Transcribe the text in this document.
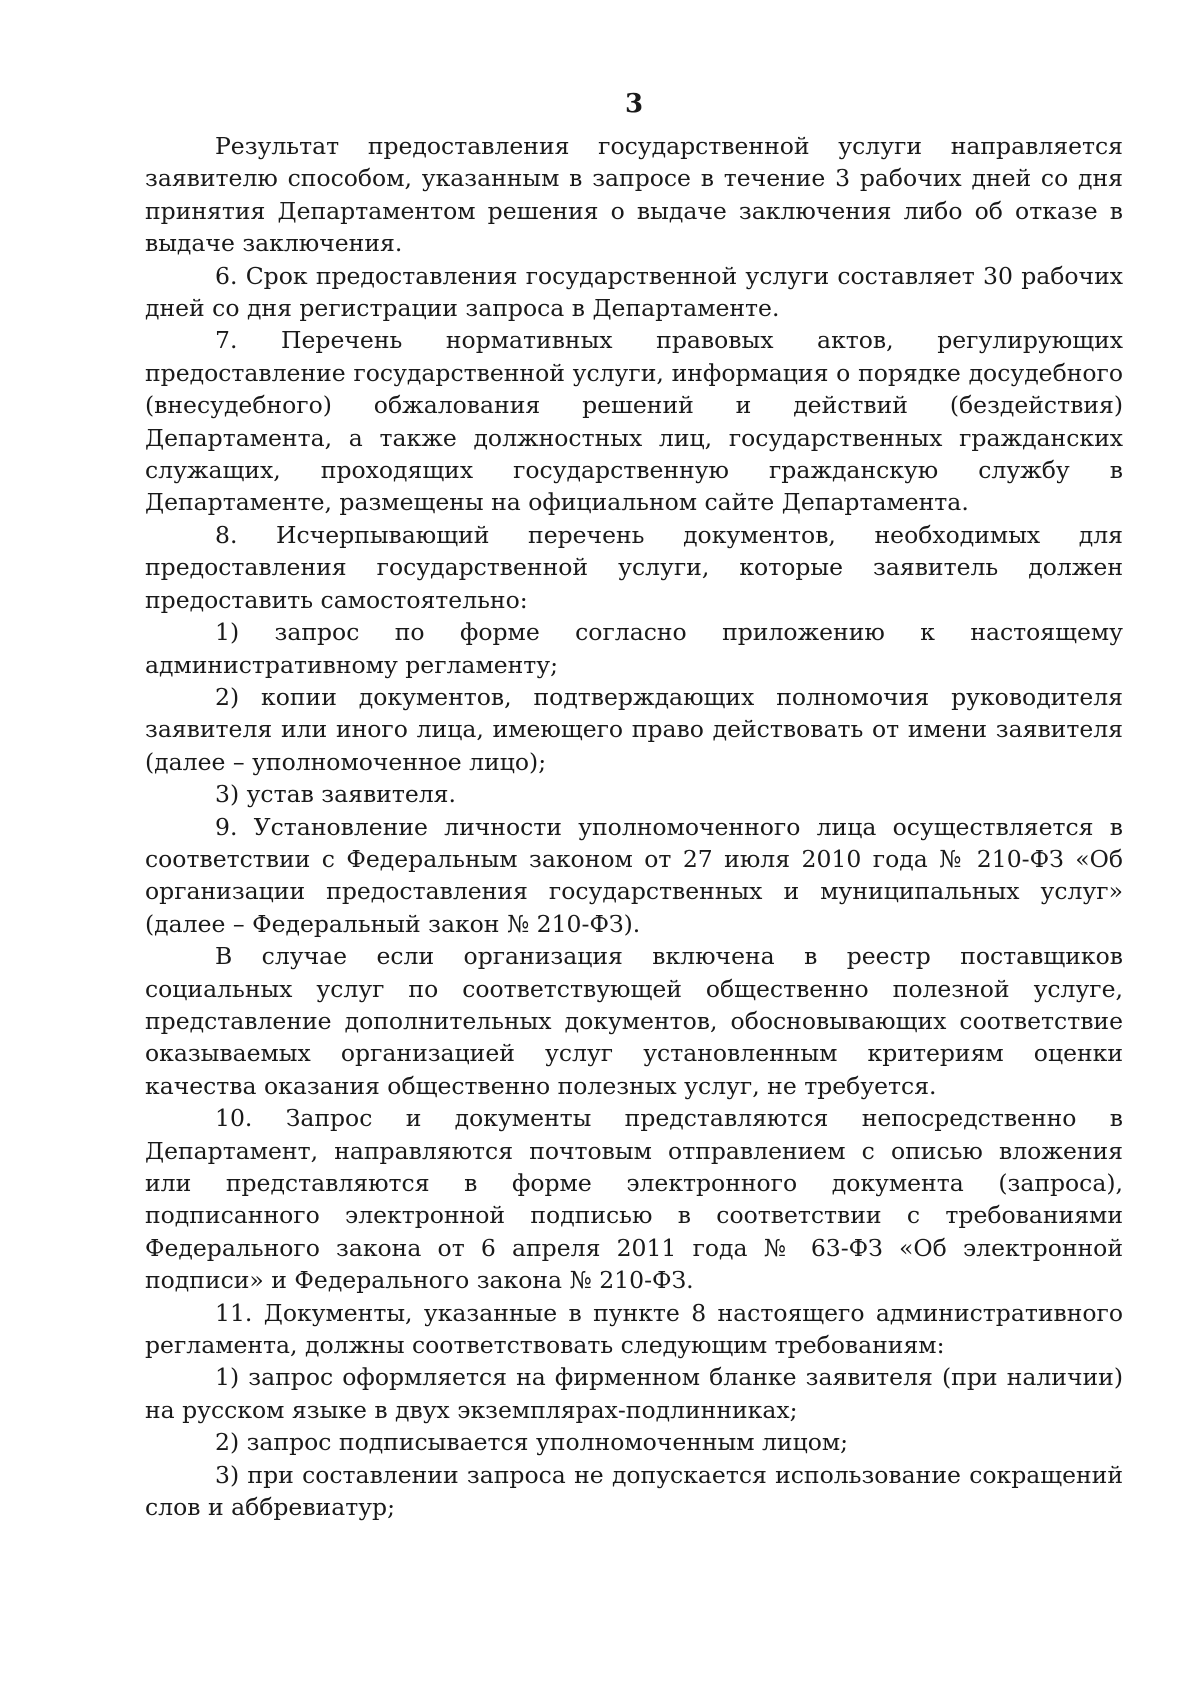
3

Результат предоставления государственной услуги направляется заявителю способом, указанным в запросе в течение 3 рабочих дней со дня принятия Департаментом решения о выдаче заключения либо об отказе в выдаче заключения.

6. Срок предоставления государственной услуги составляет 30 рабочих дней со дня регистрации запроса в Департаменте.

7. Перечень нормативных правовых актов, регулирующих предоставление государственной услуги, информация о порядке досудебного (внесудебного) обжалования решений и действий (бездействия) Департамента, а также должностных лиц, государственных гражданских служащих, проходящих государственную гражданскую службу в Департаменте, размещены на официальном сайте Департамента.

8. Исчерпывающий перечень документов, необходимых для предоставления государственной услуги, которые заявитель должен предоставить самостоятельно:

1) запрос по форме согласно приложению к настоящему административному регламенту;

2) копии документов, подтверждающих полномочия руководителя заявителя или иного лица, имеющего право действовать от имени заявителя (далее – уполномоченное лицо);

3) устав заявителя.

9. Установление личности уполномоченного лица осуществляется в соответствии с Федеральным законом от 27 июля 2010 года № 210-ФЗ «Об организации предоставления государственных и муниципальных услуг» (далее – Федеральный закон № 210-ФЗ).

В случае если организация включена в реестр поставщиков социальных услуг по соответствующей общественно полезной услуге, представление дополнительных документов, обосновывающих соответствие оказываемых организацией услуг установленным критериям оценки качества оказания общественно полезных услуг, не требуется.

10. Запрос и документы представляются непосредственно в Департамент, направляются почтовым отправлением с описью вложения или представляются в форме электронного документа (запроса), подписанного электронной подписью в соответствии с требованиями Федерального закона от 6 апреля 2011 года № 63-ФЗ «Об электронной подписи» и Федерального закона № 210-ФЗ.

11. Документы, указанные в пункте 8 настоящего административного регламента, должны соответствовать следующим требованиям:

1) запрос оформляется на фирменном бланке заявителя (при наличии) на русском языке в двух экземплярах-подлинниках;

2) запрос подписывается уполномоченным лицом;

3) при составлении запроса не допускается использование сокращений слов и аббревиатур;
